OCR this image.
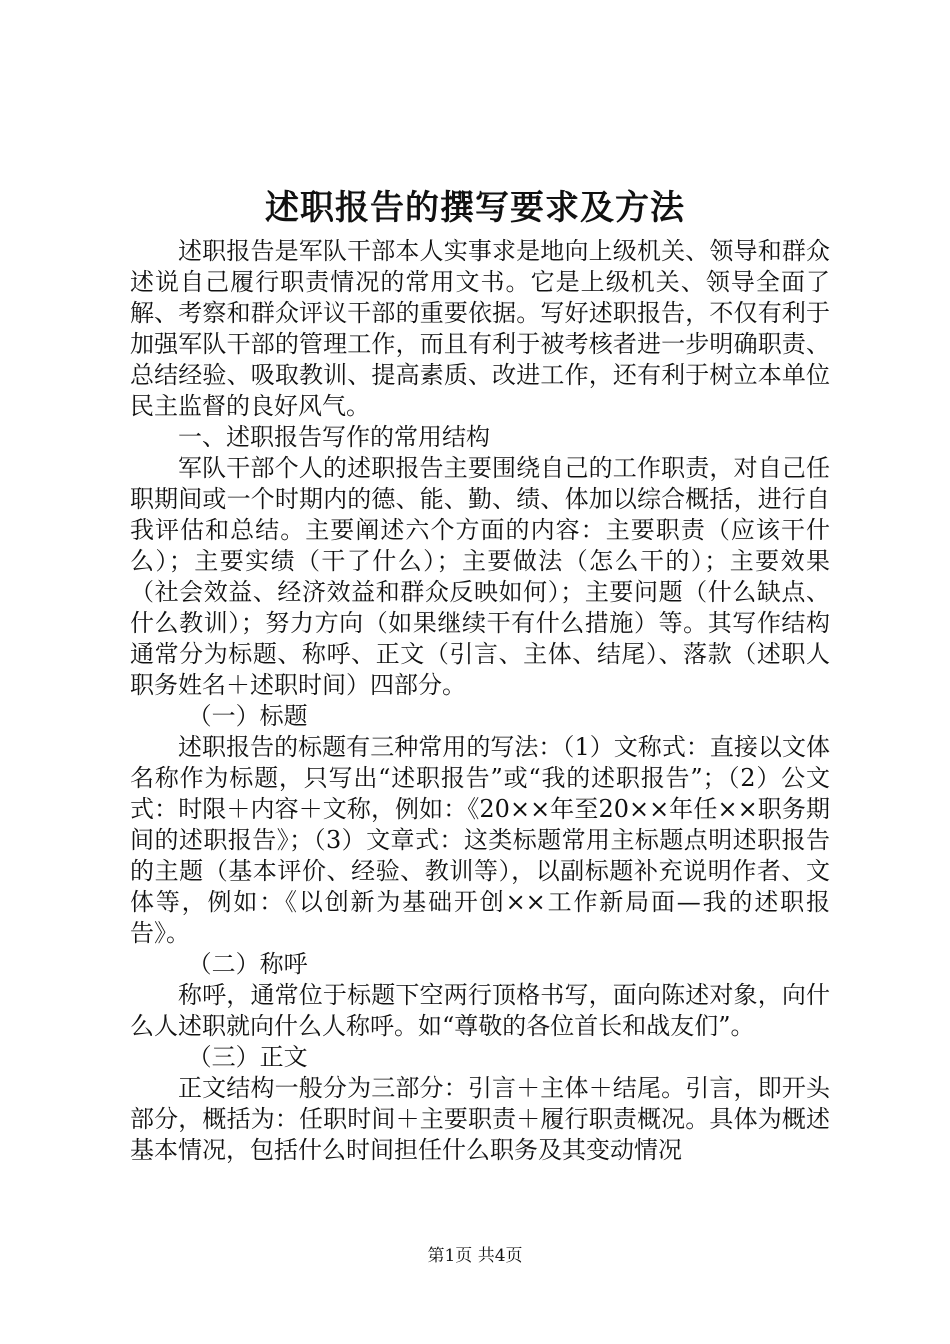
述职报告的撰写要求及方法

述职报告是军队干部本人实事求是地向上级机关、领导和群众述说自己履行职责情况的常用文书。它是上级机关、领导全面了解、考察和群众评议干部的重要依据。写好述职报告，不仅有利于加强军队干部的管理工作，而且有利于被考核者进一步明确职责、总结经验、吸取教训、提高素质、改进工作，还有利于树立本单位民主监督的良好风气。

一、述职报告写作的常用结构

军队干部个人的述职报告主要围绕自己的工作职责，对自己任职期间或一个时期内的德、能、勤、绩、体加以综合概括，进行自我评估和总结。主要阐述六个方面的内容：主要职责（应该干什么）；主要实绩（干了什么）；主要做法（怎么干的）；主要效果（社会效益、经济效益和群众反映如何）；主要问题（什么缺点、什么教训）；努力方向（如果继续干有什么措施）等。其写作结构通常分为标题、称呼、正文（引言、主体、结尾）、落款（述职人职务姓名＋述职时间）四部分。

（一）标题

述职报告的标题有三种常用的写法：（1）文称式：直接以文体名称作为标题，只写出“述职报告”或“我的述职报告”；（2）公文式：时限＋内容＋文称，例如：《20××年至20××年任××职务期间的述职报告》；（3）文章式：这类标题常用主标题点明述职报告的主题（基本评价、经验、教训等），以副标题补充说明作者、文体等，例如：《以创新为基础开创××工作新局面—我的述职报告》。

（二）称呼

称呼，通常位于标题下空两行顶格书写，面向陈述对象，向什么人述职就向什么人称呼。如“尊敬的各位首长和战友们”。

（三）正文

正文结构一般分为三部分：引言＋主体＋结尾。引言，即开头部分，概括为：任职时间＋主要职责＋履行职责概况。具体为概述基本情况，包括什么时间担任什么职务及其变动情况

第1页 共4页
